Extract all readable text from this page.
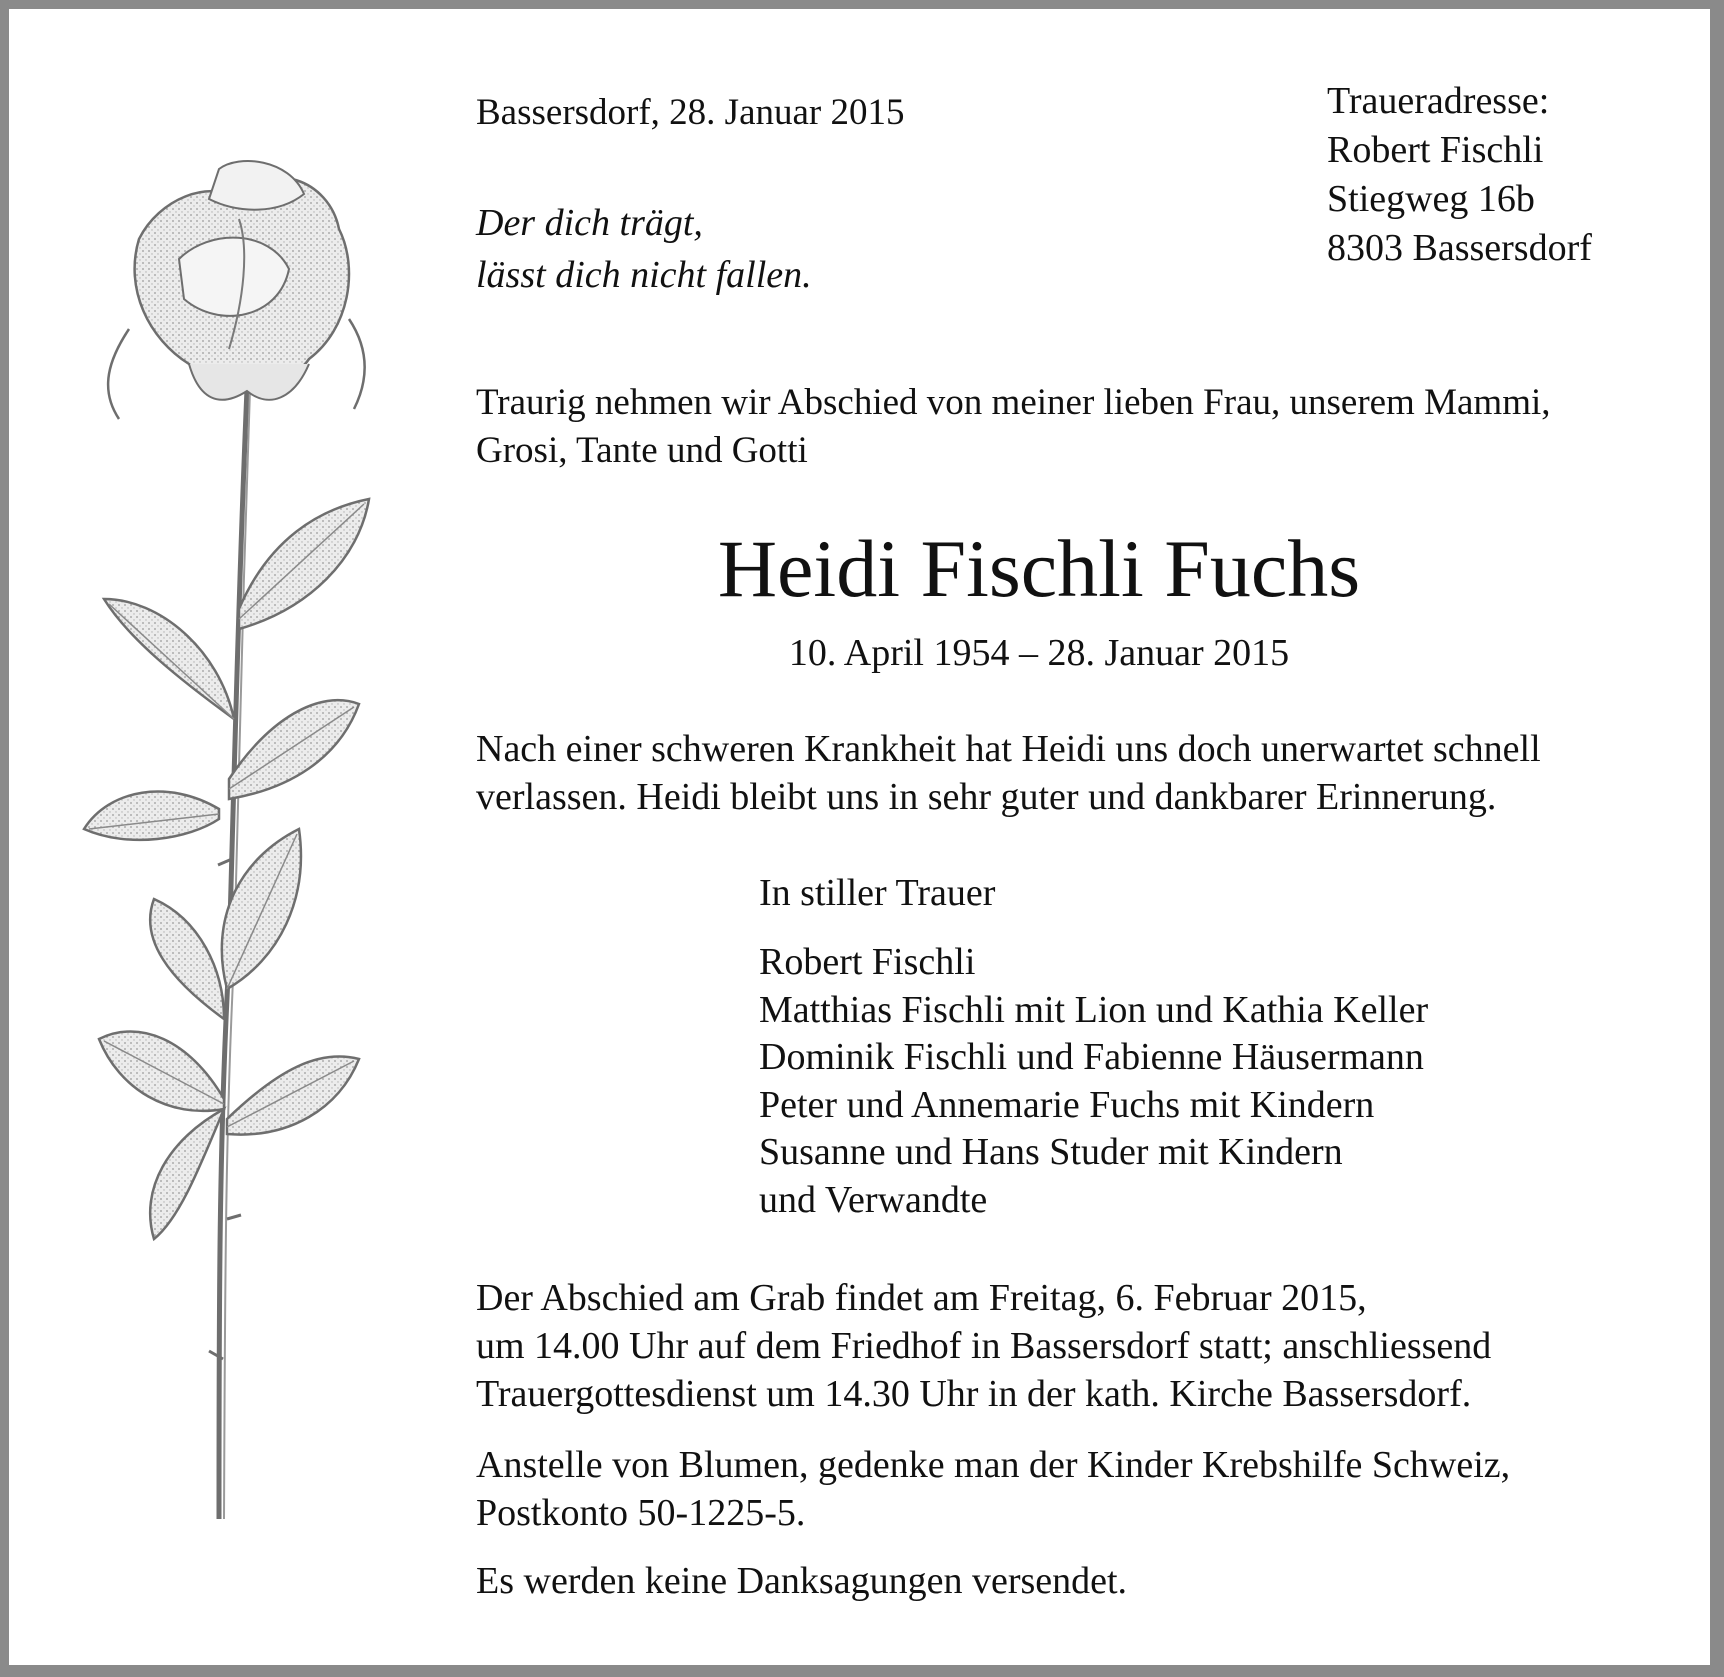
Bassersdorf, 28. Januar 2015
Der dich trägt,
lässt dich nicht fallen.
Traueradresse:
Robert Fischli
Stiegweg 16b
8303 Bassersdorf
Traurig nehmen wir Abschied von meiner lieben Frau, unserem Mammi,
Grosi, Tante und Gotti
Heidi Fischli Fuchs
10. April 1954 – 28. Januar 2015
Nach einer schweren Krankheit hat Heidi uns doch unerwartet schnell
verlassen. Heidi bleibt uns in sehr guter und dankbarer Erinnerung.
In stiller Trauer
Robert Fischli
Matthias Fischli mit Lion und Kathia Keller
Dominik Fischli und Fabienne Häusermann
Peter und Annemarie Fuchs mit Kindern
Susanne und Hans Studer mit Kindern
und Verwandte
Der Abschied am Grab findet am Freitag, 6. Februar 2015,
um 14.00 Uhr auf dem Friedhof in Bassersdorf statt; anschliessend
Trauergottesdienst um 14.30 Uhr in der kath. Kirche Bassersdorf.
Anstelle von Blumen, gedenke man der Kinder Krebshilfe Schweiz,
Postkonto 50-1225-5.
Es werden keine Danksagungen versendet.
